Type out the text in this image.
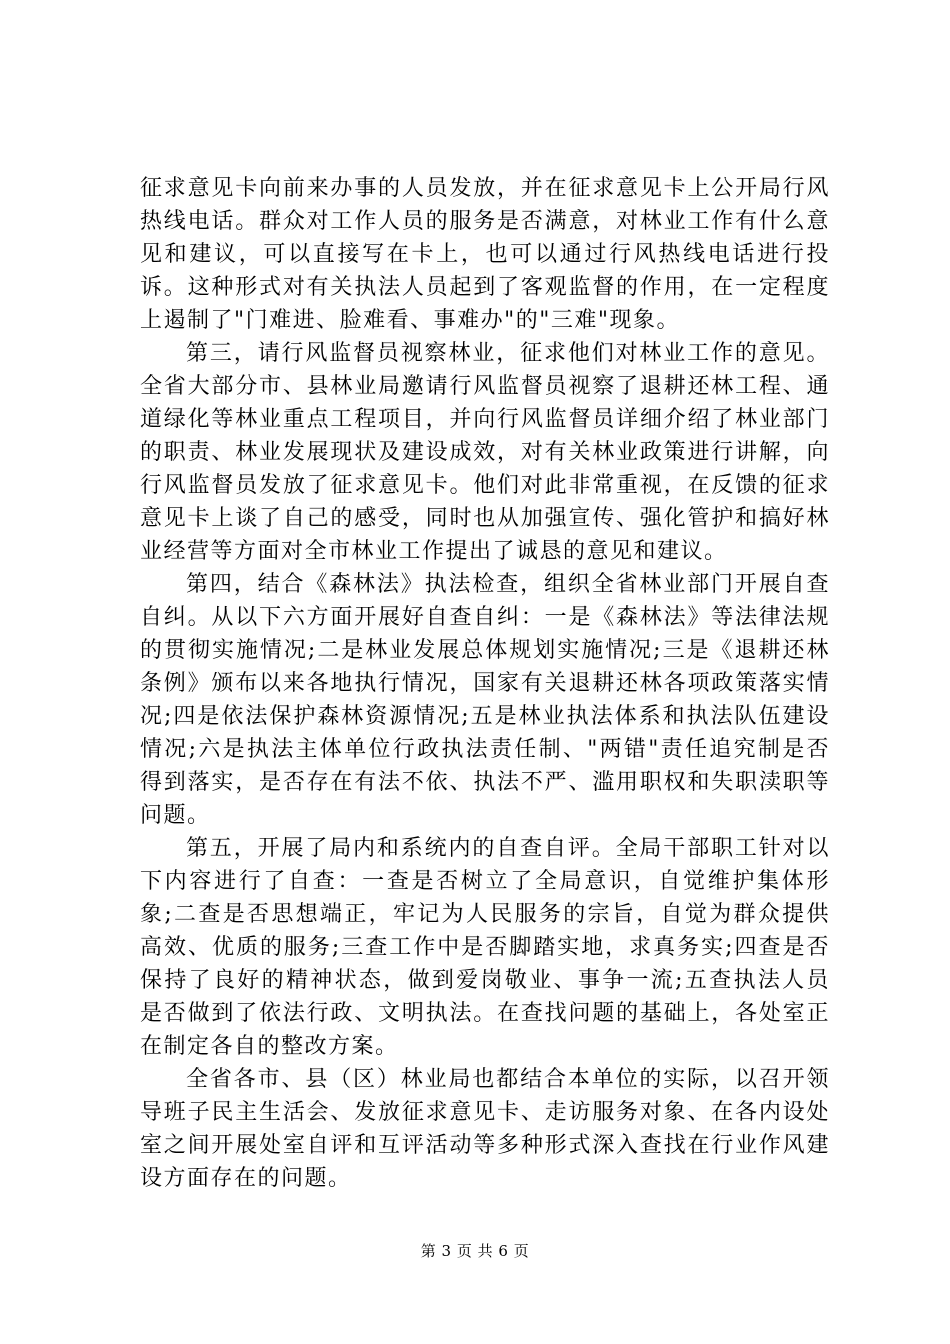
征求意见卡向前来办事的人员发放，并在征求意见卡上公开局行风热线电话。群众对工作人员的服务是否满意，对林业工作有什么意见和建议，可以直接写在卡上，也可以通过行风热线电话进行投诉。这种形式对有关执法人员起到了客观监督的作用，在一定程度上遏制了"门难进、脸难看、事难办"的"三难"现象。

第三，请行风监督员视察林业，征求他们对林业工作的意见。全省大部分市、县林业局邀请行风监督员视察了退耕还林工程、通道绿化等林业重点工程项目，并向行风监督员详细介绍了林业部门的职责、林业发展现状及建设成效，对有关林业政策进行讲解，向行风监督员发放了征求意见卡。他们对此非常重视，在反馈的征求意见卡上谈了自己的感受，同时也从加强宣传、强化管护和搞好林业经营等方面对全市林业工作提出了诚恳的意见和建议。

第四，结合《森林法》执法检查，组织全省林业部门开展自查自纠。从以下六方面开展好自查自纠：一是《森林法》等法律法规的贯彻实施情况;二是林业发展总体规划实施情况;三是《退耕还林条例》颁布以来各地执行情况，国家有关退耕还林各项政策落实情况;四是依法保护森林资源情况;五是林业执法体系和执法队伍建设情况;六是执法主体单位行政执法责任制、"两错"责任追究制是否得到落实，是否存在有法不依、执法不严、滥用职权和失职渎职等问题。

第五，开展了局内和系统内的自查自评。全局干部职工针对以下内容进行了自查：一查是否树立了全局意识，自觉维护集体形象;二查是否思想端正，牢记为人民服务的宗旨，自觉为群众提供高效、优质的服务;三查工作中是否脚踏实地，求真务实;四查是否保持了良好的精神状态，做到爱岗敬业、事争一流;五查执法人员是否做到了依法行政、文明执法。在查找问题的基础上，各处室正在制定各自的整改方案。

全省各市、县（区）林业局也都结合本单位的实际，以召开领导班子民主生活会、发放征求意见卡、走访服务对象、在各内设处室之间开展处室自评和互评活动等多种形式深入查找在行业作风建设方面存在的问题。

第 3 页 共 6 页
